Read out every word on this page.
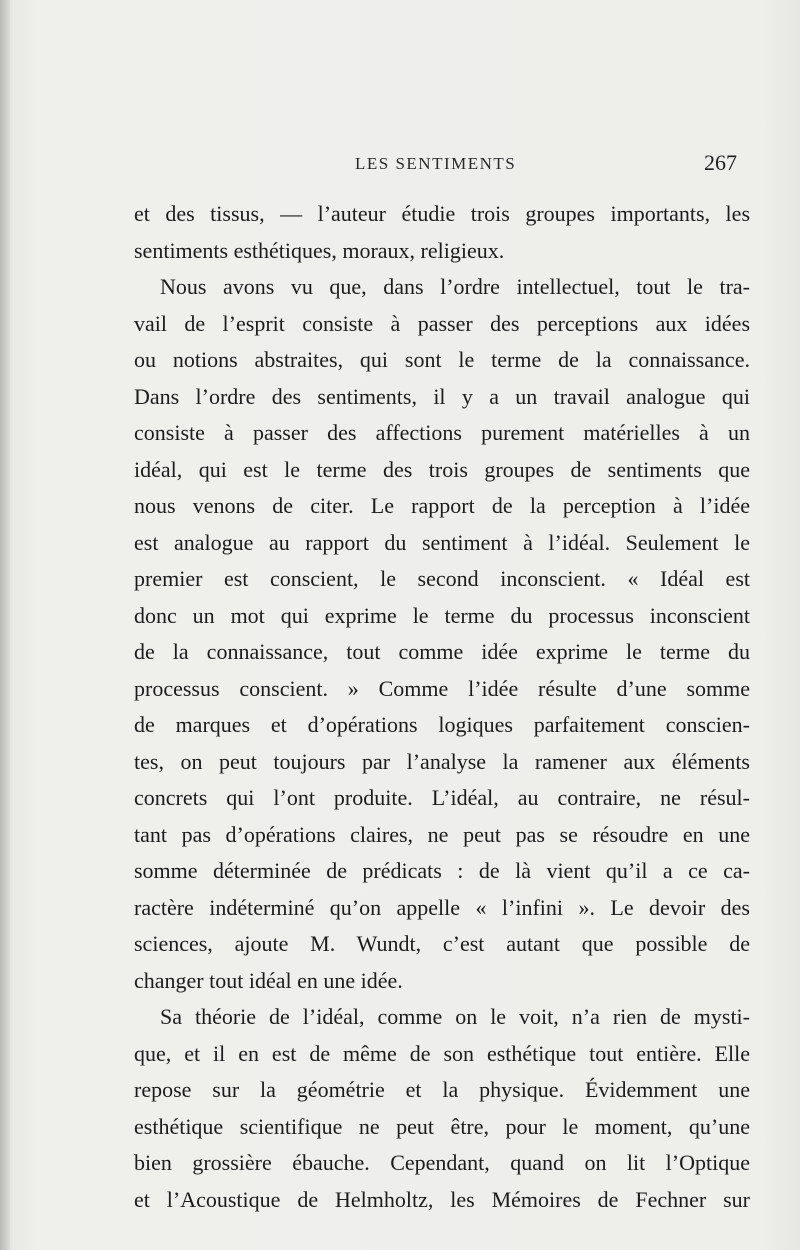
LES SENTIMENTS	267
et des tissus, — l’auteur étudie trois groupes importants, les
sentiments esthétiques, moraux, religieux.
Nous avons vu que, dans l’ordre intellectuel, tout le tra-
vail de l’esprit consiste à passer des perceptions aux idées
ou notions abstraites, qui sont le terme de la connaissance.
Dans l’ordre des sentiments, il y a un travail analogue qui
consiste à passer des affections purement matérielles à un
idéal, qui est le terme des trois groupes de sentiments que
nous venons de citer. Le rapport de la perception à l’idée
est analogue au rapport du sentiment à l’idéal. Seulement le
premier est conscient, le second inconscient. « Idéal est
donc un mot qui exprime le terme du processus inconscient
de la connaissance, tout comme idée exprime le terme du
processus conscient. » Comme l’idée résulte d’une somme
de marques et d’opérations logiques parfaitement conscien-
tes, on peut toujours par l’analyse la ramener aux éléments
concrets qui l’ont produite. L’idéal, au contraire, ne résul-
tant pas d’opérations claires, ne peut pas se résoudre en une
somme déterminée de prédicats : de là vient qu’il a ce ca-
ractère indéterminé qu’on appelle « l’infini ». Le devoir des
sciences, ajoute M. Wundt, c’est autant que possible de
changer tout idéal en une idée.
Sa théorie de l’idéal, comme on le voit, n’a rien de mysti-
que, et il en est de même de son esthétique tout entière. Elle
repose sur la géométrie et la physique. Évidemment une
esthétique scientifique ne peut être, pour le moment, qu’une
bien grossière ébauche. Cependant, quand on lit l’Optique
et l’Acoustique de Helmholtz, les Mémoires de Fechner sur
